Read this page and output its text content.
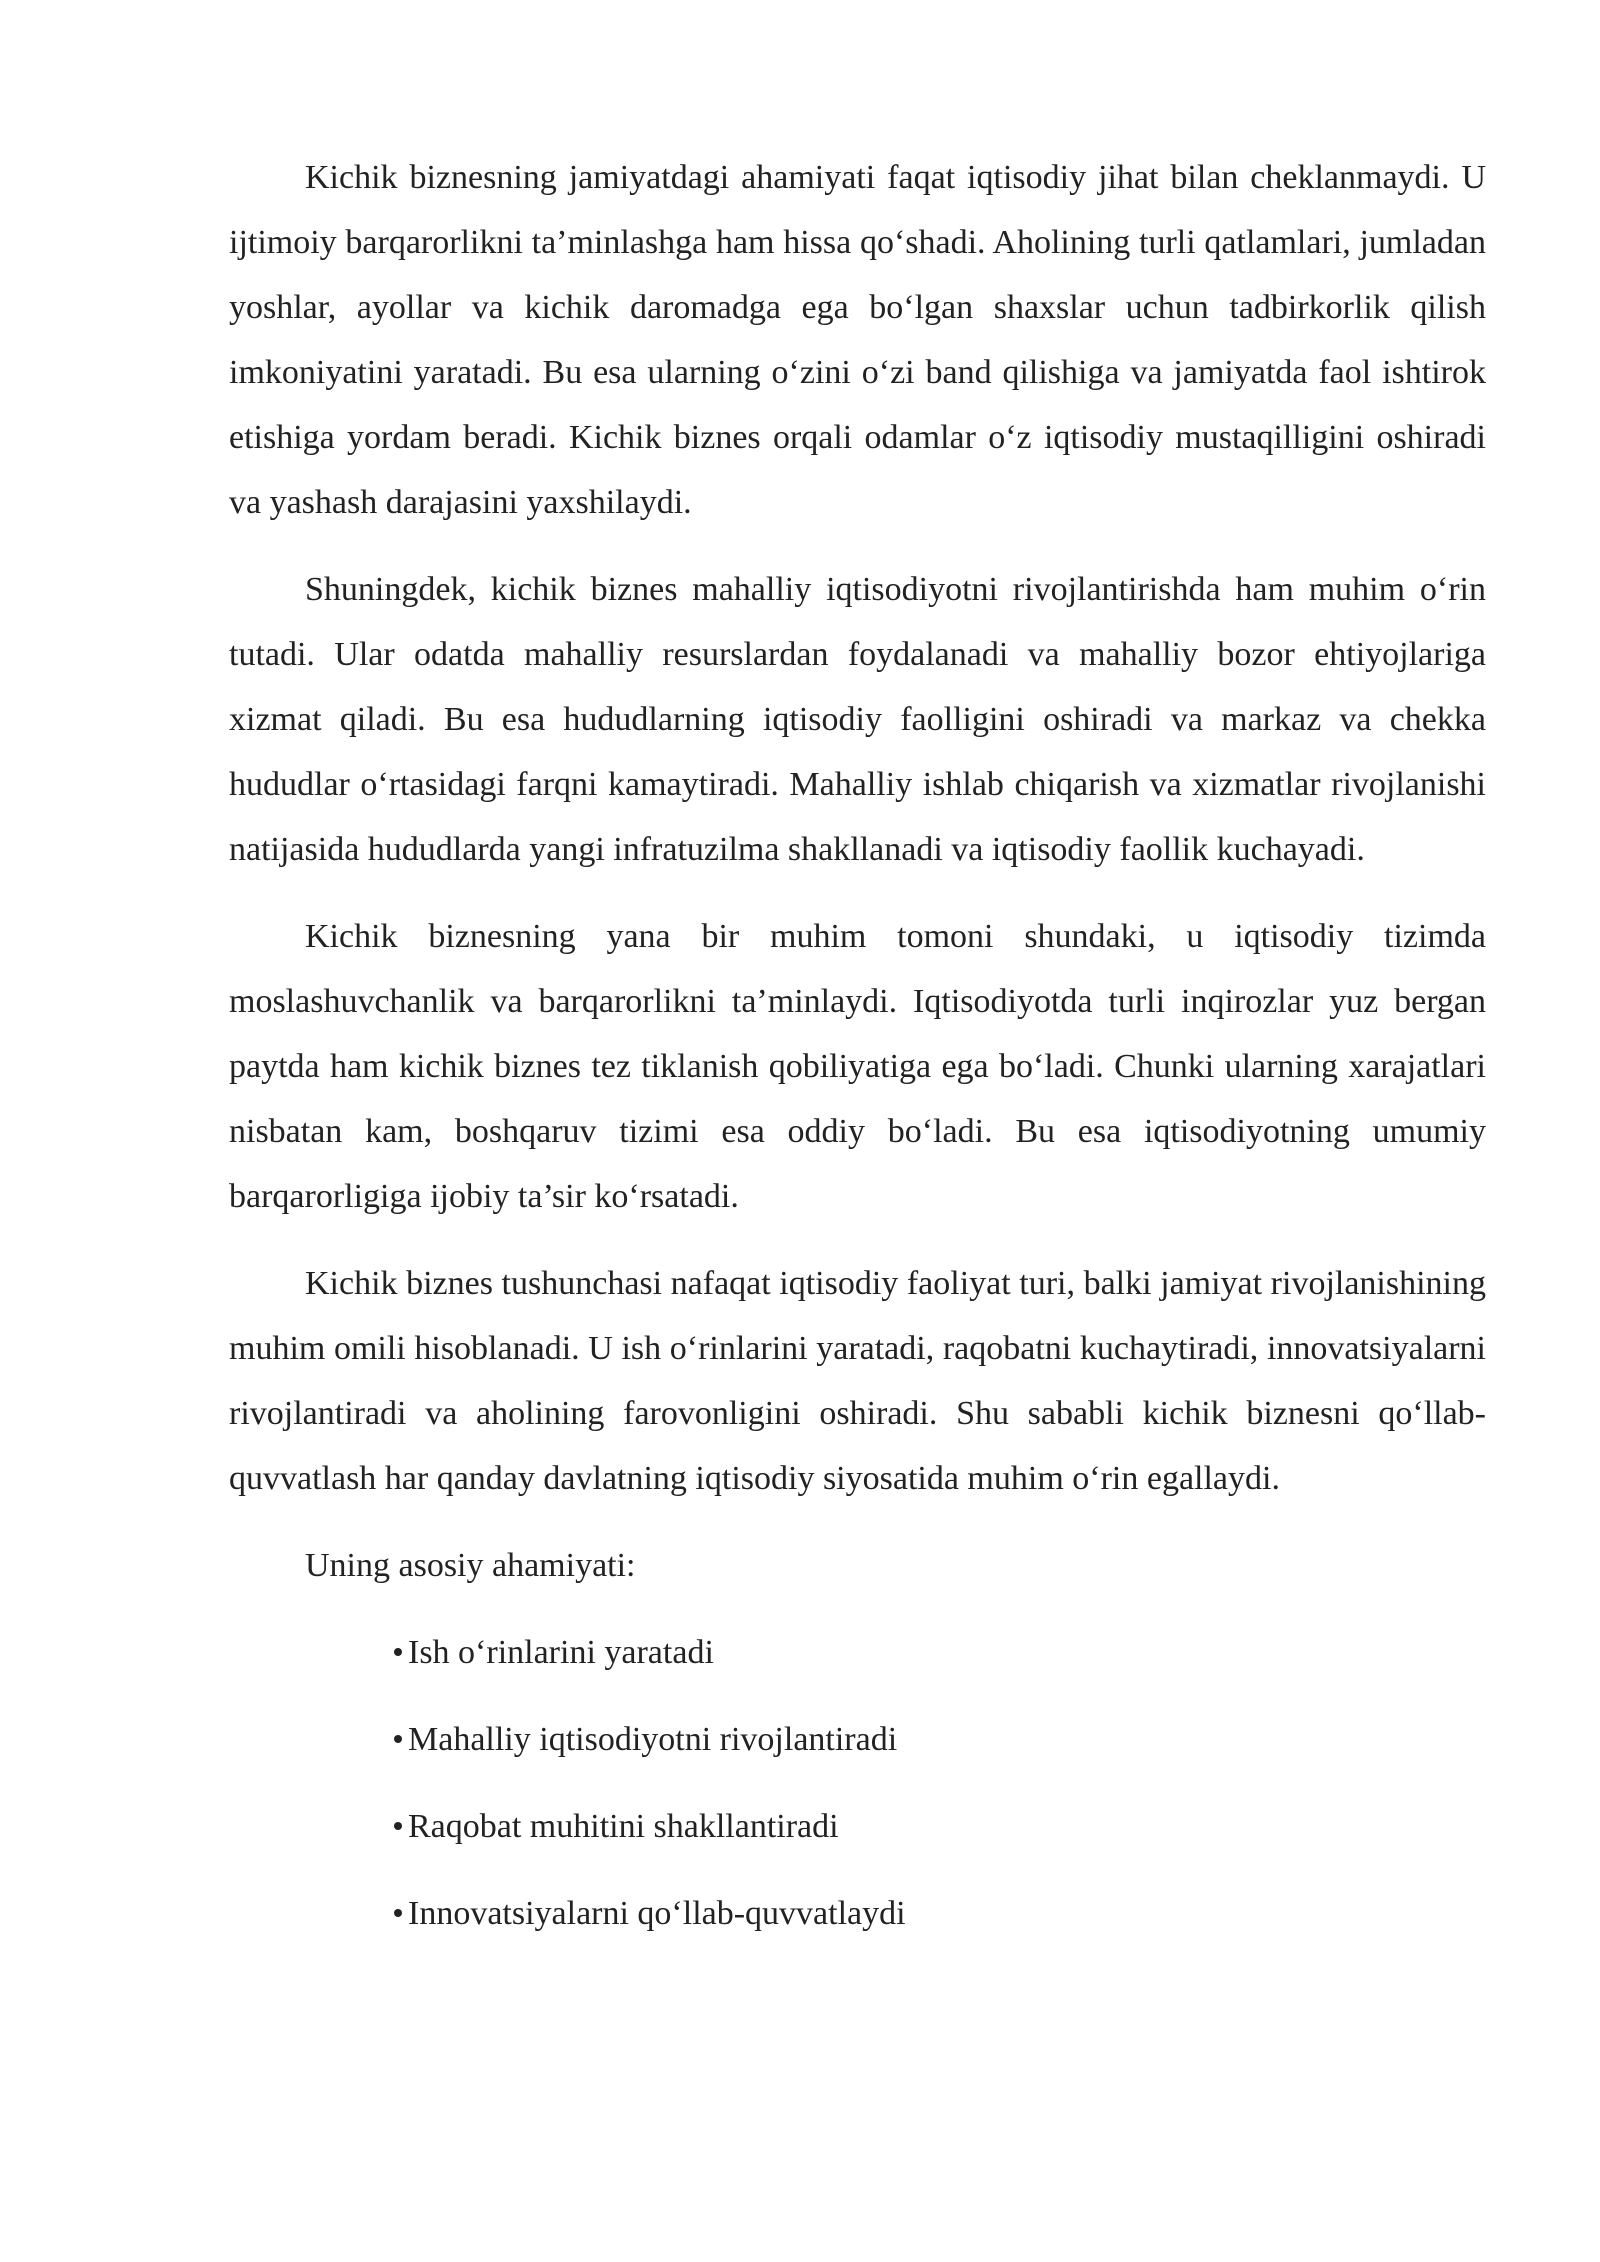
Kichik biznesning jamiyatdagi ahamiyati faqat iqtisodiy jihat bilan cheklanmaydi. U ijtimoiy barqarorlikni ta’minlashga ham hissa qo‘shadi. Aholining turli qatlamlari, jumladan yoshlar, ayollar va kichik daromadga ega bo‘lgan shaxslar uchun tadbirkorlik qilish imkoniyatini yaratadi. Bu esa ularning o‘zini o‘zi band qilishiga va jamiyatda faol ishtirok etishiga yordam beradi. Kichik biznes orqali odamlar o‘z iqtisodiy mustaqilligini oshiradi va yashash darajasini yaxshilaydi.

Shuningdek, kichik biznes mahalliy iqtisodiyotni rivojlantirishda ham muhim o‘rin tutadi. Ular odatda mahalliy resurslardan foydalanadi va mahalliy bozor ehtiyojlariga xizmat qiladi. Bu esa hududlarning iqtisodiy faolligini oshiradi va markaz va chekka hududlar o‘rtasidagi farqni kamaytiradi. Mahalliy ishlab chiqarish va xizmatlar rivojlanishi natijasida hududlarda yangi infratuzilma shakllanadi va iqtisodiy faollik kuchayadi.

Kichik biznesning yana bir muhim tomoni shundaki, u iqtisodiy tizimda moslashuvchanlik va barqarorlikni ta’minlaydi. Iqtisodiyotda turli inqirozlar yuz bergan paytda ham kichik biznes tez tiklanish qobiliyatiga ega bo‘ladi. Chunki ularning xarajatlari nisbatan kam, boshqaruv tizimi esa oddiy bo‘ladi. Bu esa iqtisodiyotning umumiy barqarorligiga ijobiy ta’sir ko‘rsatadi.

Kichik biznes tushunchasi nafaqat iqtisodiy faoliyat turi, balki jamiyat rivojlanishining muhim omili hisoblanadi. U ish o‘rinlarini yaratadi, raqobatni kuchaytiradi, innovatsiyalarni rivojlantiradi va aholining farovonligini oshiradi. Shu sababli kichik biznesni qo‘llab-quvvatlash har qanday davlatning iqtisodiy siyosatida muhim o‘rin egallaydi.

Uning asosiy ahamiyati:

Ish o‘rinlarini yaratadi
Mahalliy iqtisodiyotni rivojlantiradi
Raqobat muhitini shakllantiradi
Innovatsiyalarni qo‘llab-quvvatlaydi
